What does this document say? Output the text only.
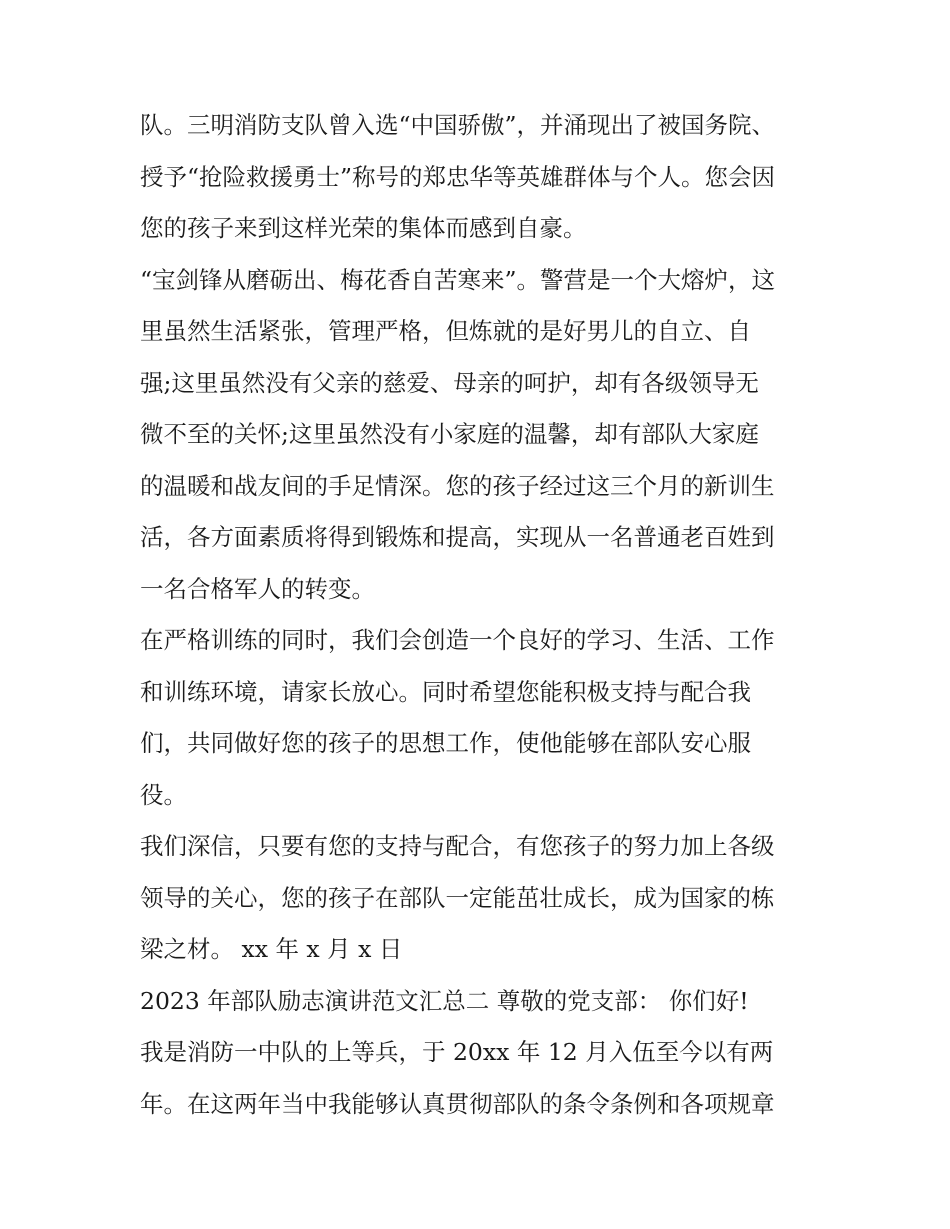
队。三明消防支队曾入选“中国骄傲”，并涌现出了被国务院、
授予“抢险救援勇士”称号的郑忠华等英雄群体与个人。您会因
您的孩子来到这样光荣的集体而感到自豪。
“宝剑锋从磨砺出、梅花香自苦寒来”。警营是一个大熔炉，这
里虽然生活紧张，管理严格，但炼就的是好男儿的自立、自
强;这里虽然没有父亲的慈爱、母亲的呵护，却有各级领导无
微不至的关怀;这里虽然没有小家庭的温馨，却有部队大家庭
的温暖和战友间的手足情深。您的孩子经过这三个月的新训生
活，各方面素质将得到锻炼和提高，实现从一名普通老百姓到
一名合格军人的转变。
在严格训练的同时，我们会创造一个良好的学习、生活、工作
和训练环境，请家长放心。同时希望您能积极支持与配合我
们，共同做好您的孩子的思想工作，使他能够在部队安心服
役。
我们深信，只要有您的支持与配合，有您孩子的努力加上各级
领导的关心，您的孩子在部队一定能茁壮成长，成为国家的栋
梁之材。 xx 年 x 月 x 日
2023 年部队励志演讲范文汇总二 尊敬的党支部： 你们好!
我是消防一中队的上等兵，于 20xx 年 12 月入伍至今以有两
年。在这两年当中我能够认真贯彻部队的条令条例和各项规章
